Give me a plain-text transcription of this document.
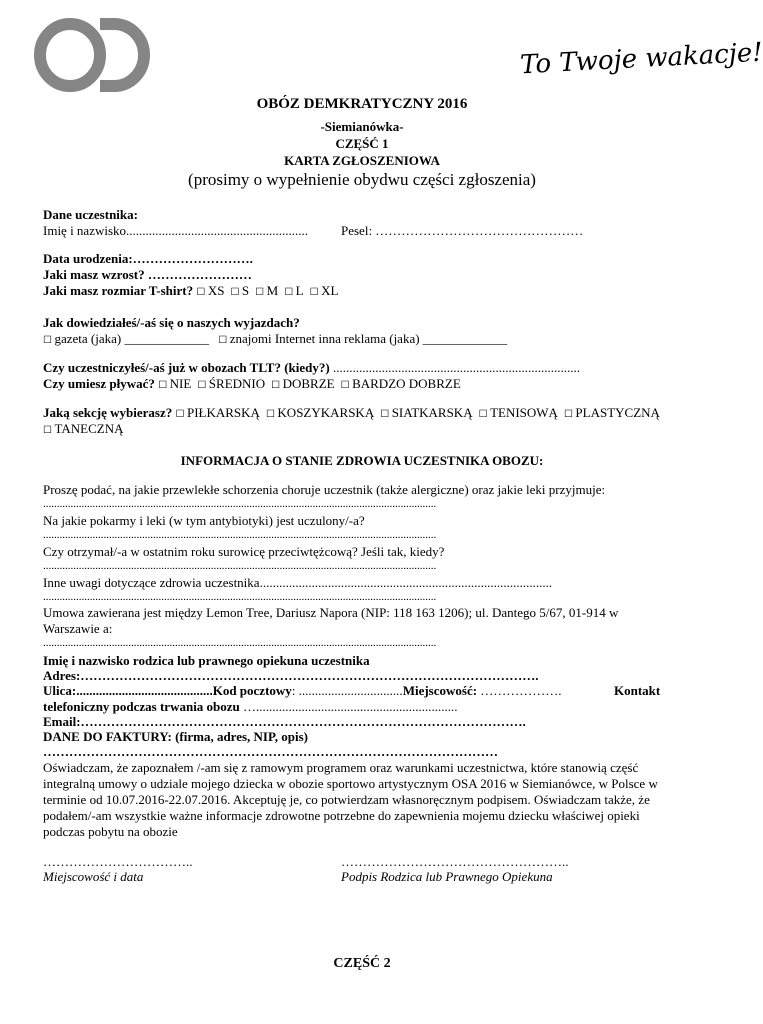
To Twoje wakacje!
OBÓZ DEMKRATYCZNY 2016
-Siemianówka-
CZĘŚĆ 1
KARTA ZGŁOSZENIOWA
(prosimy o wypełnienie obydwu części zgłoszenia)
Dane uczestnika:
Imię i nazwisko........................................................	Pesel: …………………………………………
Data urodzenia:……………………….
Jaki masz wzrost? ……………………
Jaki masz rozmiar T-shirt? ☐ XS ☐ S ☐ M ☐ L ☐ XL
Jak dowiedziałeś/-aś się o naszych wyjazdach?
☐ gazeta (jaka) _____________ ☐ znajomi Internet inna reklama (jaka) _____________
Czy uczestniczyłeś/-aś już w obozach TLT? (kiedy?) ............................................................................
Czy umiesz pływać? ☐ NIE ☐ ŚREDNIO ☐ DOBRZE ☐ BARDZO DOBRZE
Jaką sekcję wybierasz? ☐ PIŁKARSKĄ ☐ KOSZYKARSKĄ ☐ SIATKARSKĄ ☐ TENISOWĄ ☐ PLASTYCZNĄ
☐ TANECZNĄ
INFORMACJA O STANIE ZDROWIA UCZESTNIKA OBOZU:
Proszę podać, na jakie przewlekłe schorzenia choruje uczestnik (także alergiczne) oraz jakie leki przyjmuje:
...............................................................................................................................................
Na jakie pokarmy i leki (w tym antybiotyki) jest uczulony/-a?
...............................................................................................................................................
Czy otrzymał/-a w ostatnim roku surowicę przeciwtężcową? Jeśli tak, kiedy?
...............................................................................................................................................
Inne uwagi dotyczące zdrowia uczestnika..........................................................................................
...............................................................................................................................................
Umowa zawierana jest między Lemon Tree, Dariusz Napora (NIP: 118 163 1206); ul. Dantego 5/67, 01-914 w
Warszawie a:
...............................................................................................................................................
Imię i nazwisko rodzica lub prawnego opiekuna uczestnika
Adres:…………………………………………………………………………………………….
Ulica:..........................................Kod pocztowy: ................................Miejscowość: ……………….	Kontakt
telefoniczny podczas trwania obozu …..............................................................
Email:………………………………………………………………………………………….
DANE DO FAKTURY: (firma, adres, NIP, opis)
……………………………………………………………………………………………
Oświadczam, że zapoznałem /-am się z ramowym programem oraz warunkami uczestnictwa, które stanowią część
integralną umowy o udziale mojego dziecka w obozie sportowo artystycznym OSA 2016 w Siemianówce, w Polsce w
terminie od 10.07.2016-22.07.2016. Akceptuję je, co potwierdzam własnoręcznym podpisem. Oświadczam także, że
podałem/-am wszystkie ważne informacje zdrowotne potrzebne do zapewnienia mojemu dziecku właściwej opieki
podczas pobytu na obozie
……………………………..	……………………………………………..
Miejscowość i data	Podpis Rodzica lub Prawnego Opiekuna
CZĘŚĆ 2
